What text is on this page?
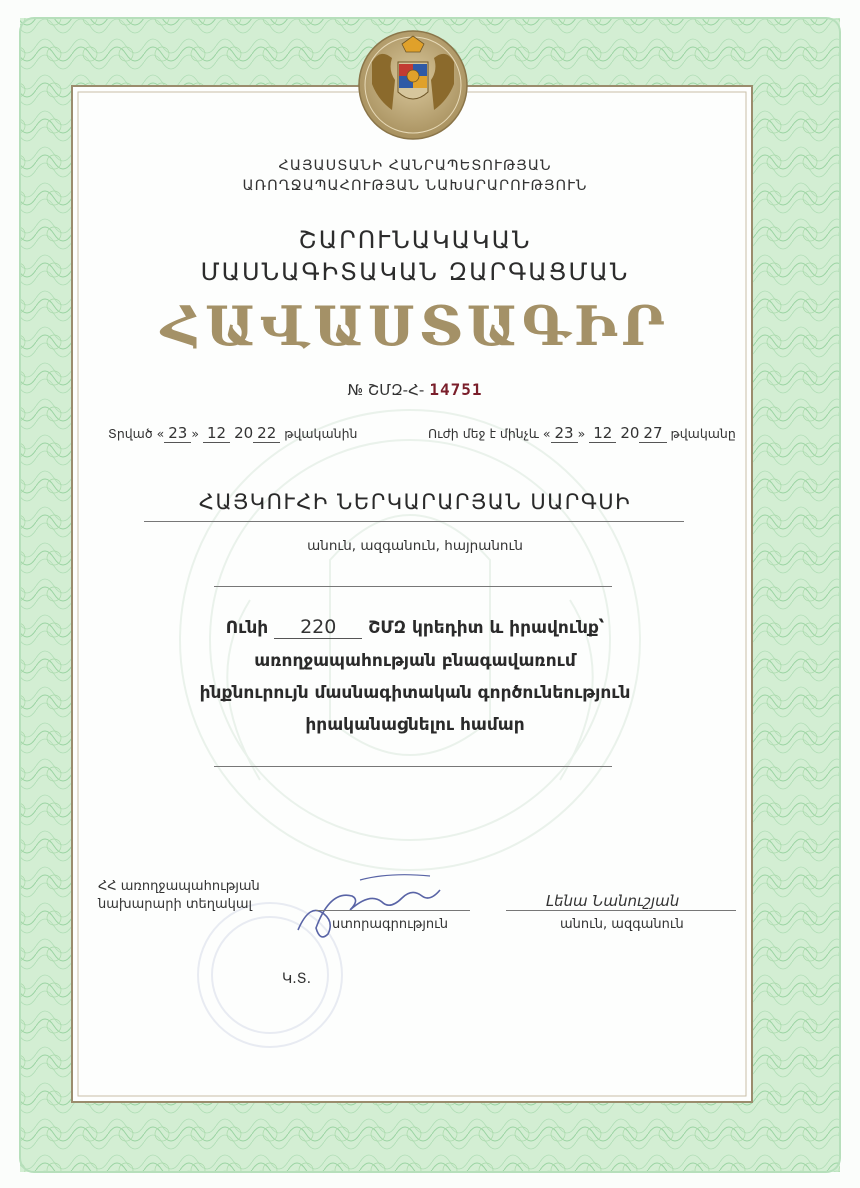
ՀԱՅԱՍՏԱՆԻ ՀԱՆՐԱՊԵՏՈՒԹՅԱՆ
ԱՌՈՂՋԱՊԱՀՈՒԹՅԱՆ ՆԱԽԱՐԱՐՈՒԹՅՈՒՆ
ՇԱՐՈՒՆԱԿԱԿԱՆ
ՄԱՍՆԱԳԻՏԱԿԱՆ ԶԱՐԳԱՑՄԱՆ
ՀԱՎԱՍՏԱԳԻՐ
№ ՇՄԶ-Հ- 14751
Տրված « 23 » 12 20 22 թվականին	Ուժի մեջ է մինչև « 23 » 12 20 27 թվականը
ՀԱՅԿՈՒՀԻ ՆԵՐԿԱՐԱՐՅԱՆ ՍԱՐԳՍԻ
անուն, ազգանուն, հայրանուն
Ունի 220 ՇՄԶ կրեդիտ և իրավունք՝
առողջապահության բնագավառում
ինքնուրույն մասնագիտական գործունեություն
իրականացնելու համար
ՀՀ առողջապահության
նախարարի տեղակալ
ստորագրություն
Լենա Նանուշյան
անուն, ազգանուն
Կ.Տ.
